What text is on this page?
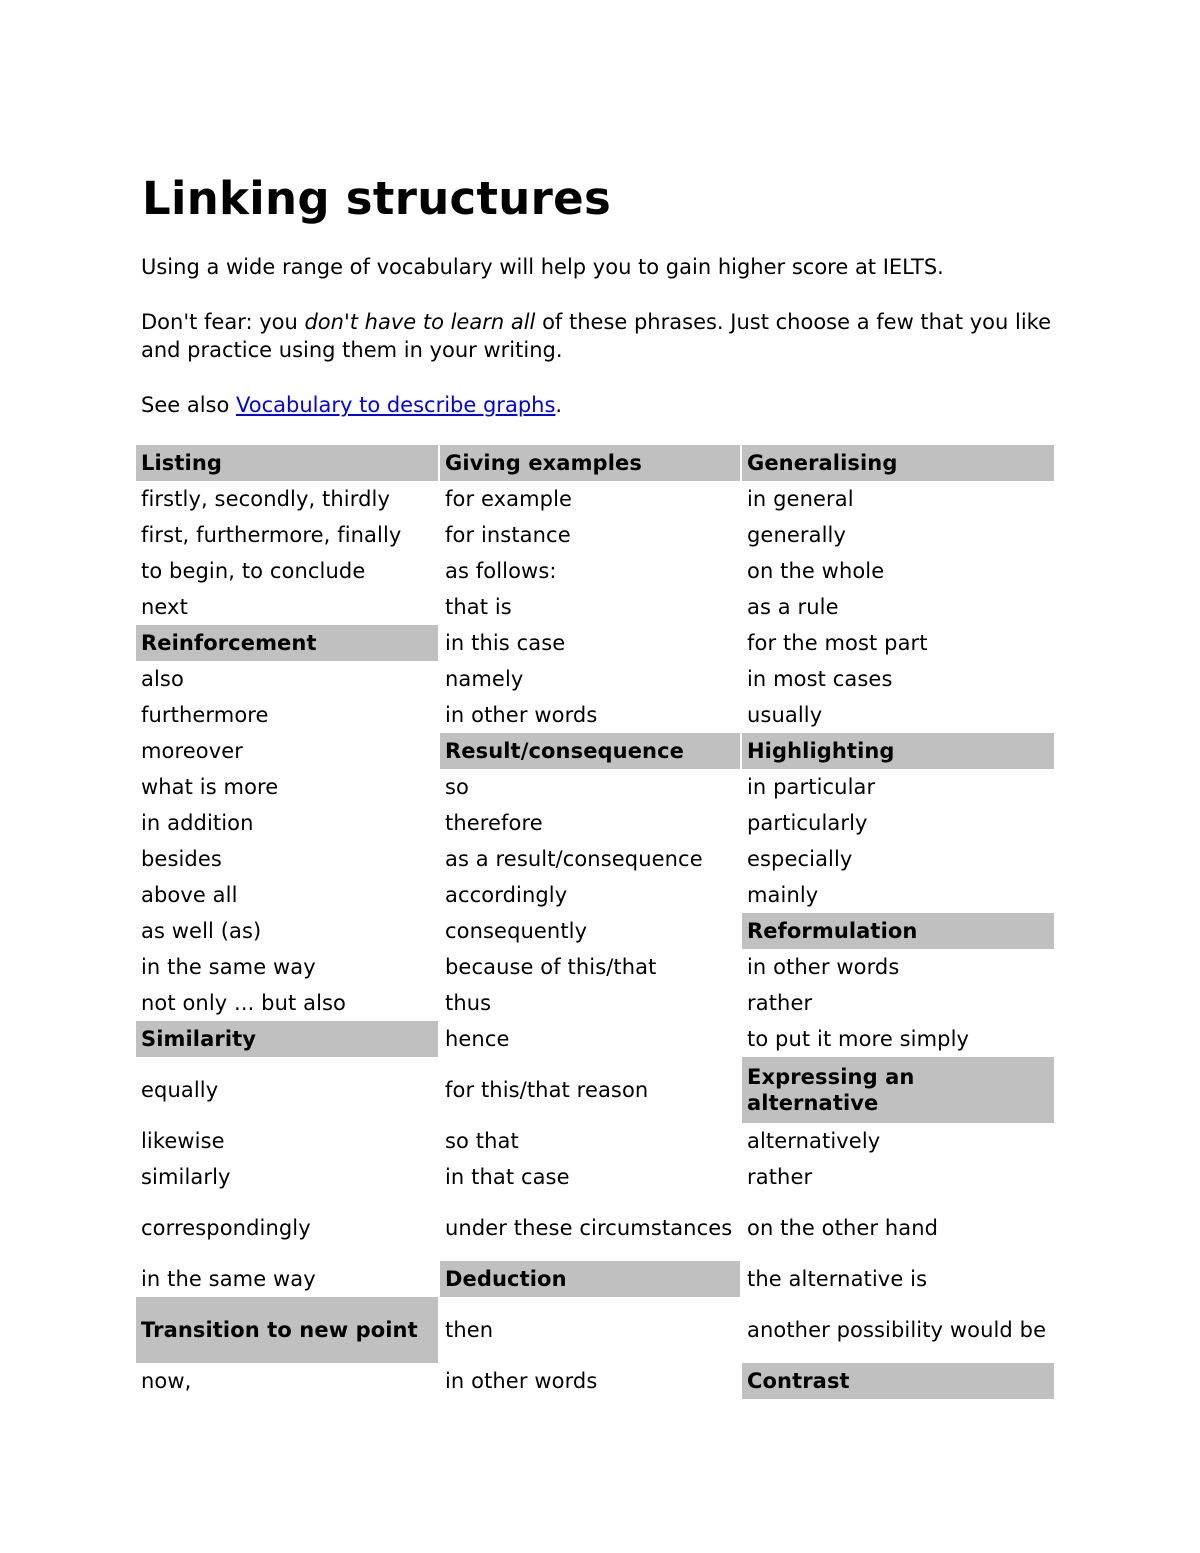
Linking structures

Using a wide range of vocabulary will help you to gain higher score at IELTS.

Don't fear: you don't have to learn all of these phrases. Just choose a few that you like and practice using them in your writing.

See also Vocabulary to describe graphs.

Listing	Giving examples	Generalising
firstly, secondly, thirdly	for example	in general
first, furthermore, finally	for instance	generally
to begin, to conclude	as follows:	on the whole
next	that is	as a rule
Reinforcement	in this case	for the most part
also	namely	in most cases
furthermore	in other words	usually
moreover	Result/consequence	Highlighting
what is more	so	in particular
in addition	therefore	particularly
besides	as a result/consequence	especially
above all	accordingly	mainly
as well (as)	consequently	Reformulation
in the same way	because of this/that	in other words
not only ... but also	thus	rather
Similarity	hence	to put it more simply
equally	for this/that reason	Expressing an alternative
likewise	so that	alternatively
similarly	in that case	rather
correspondingly	under these circumstances	on the other hand
in the same way	Deduction	the alternative is
Transition to new point	then	another possibility would be
now,	in other words	Contrast
